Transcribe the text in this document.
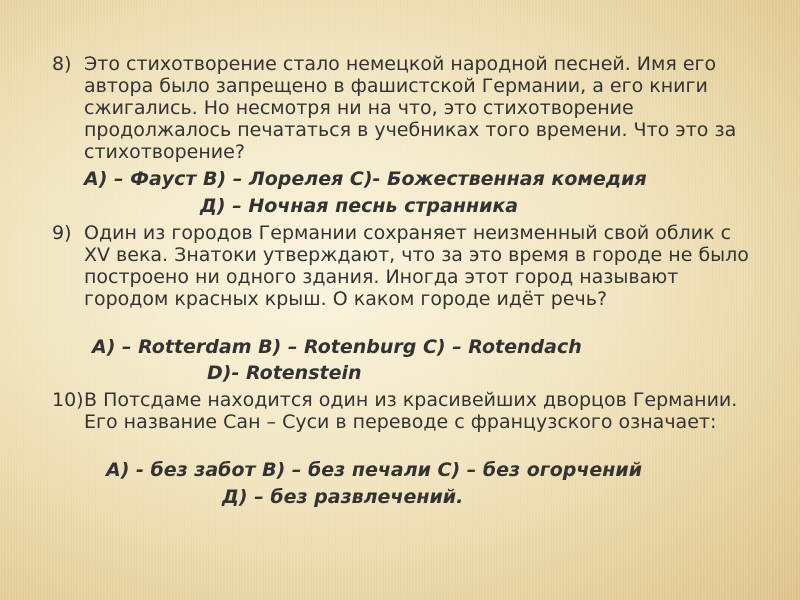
8) Это стихотворение стало немецкой народной песней. Имя его автора было запрещено в фашистской Германии, а его книги сжигались. Но несмотря ни на что, это стихотворение продолжалось печататься в учебниках того времени. Что это за стихотворение?
А) – Фауст В) – Лорелея С)- Божественная комедия
Д) – Ночная песнь странника
9) Один из городов Германии сохраняет неизменный свой облик с XV века. Знатоки утверждают, что за это время в городе не было построено ни одного здания. Иногда этот город называют городом красных крыш. О каком городе идёт речь?
А) – Rotterdam В) – Rotenburg С) – Rotendach
D)- Rotenstein
10) В Потсдаме находится один из красивейших дворцов Германии. Его название Сан – Суси в переводе с французского означает:
А) - без забот В) – без печали С) – без огорчений
Д) – без развлечений.
